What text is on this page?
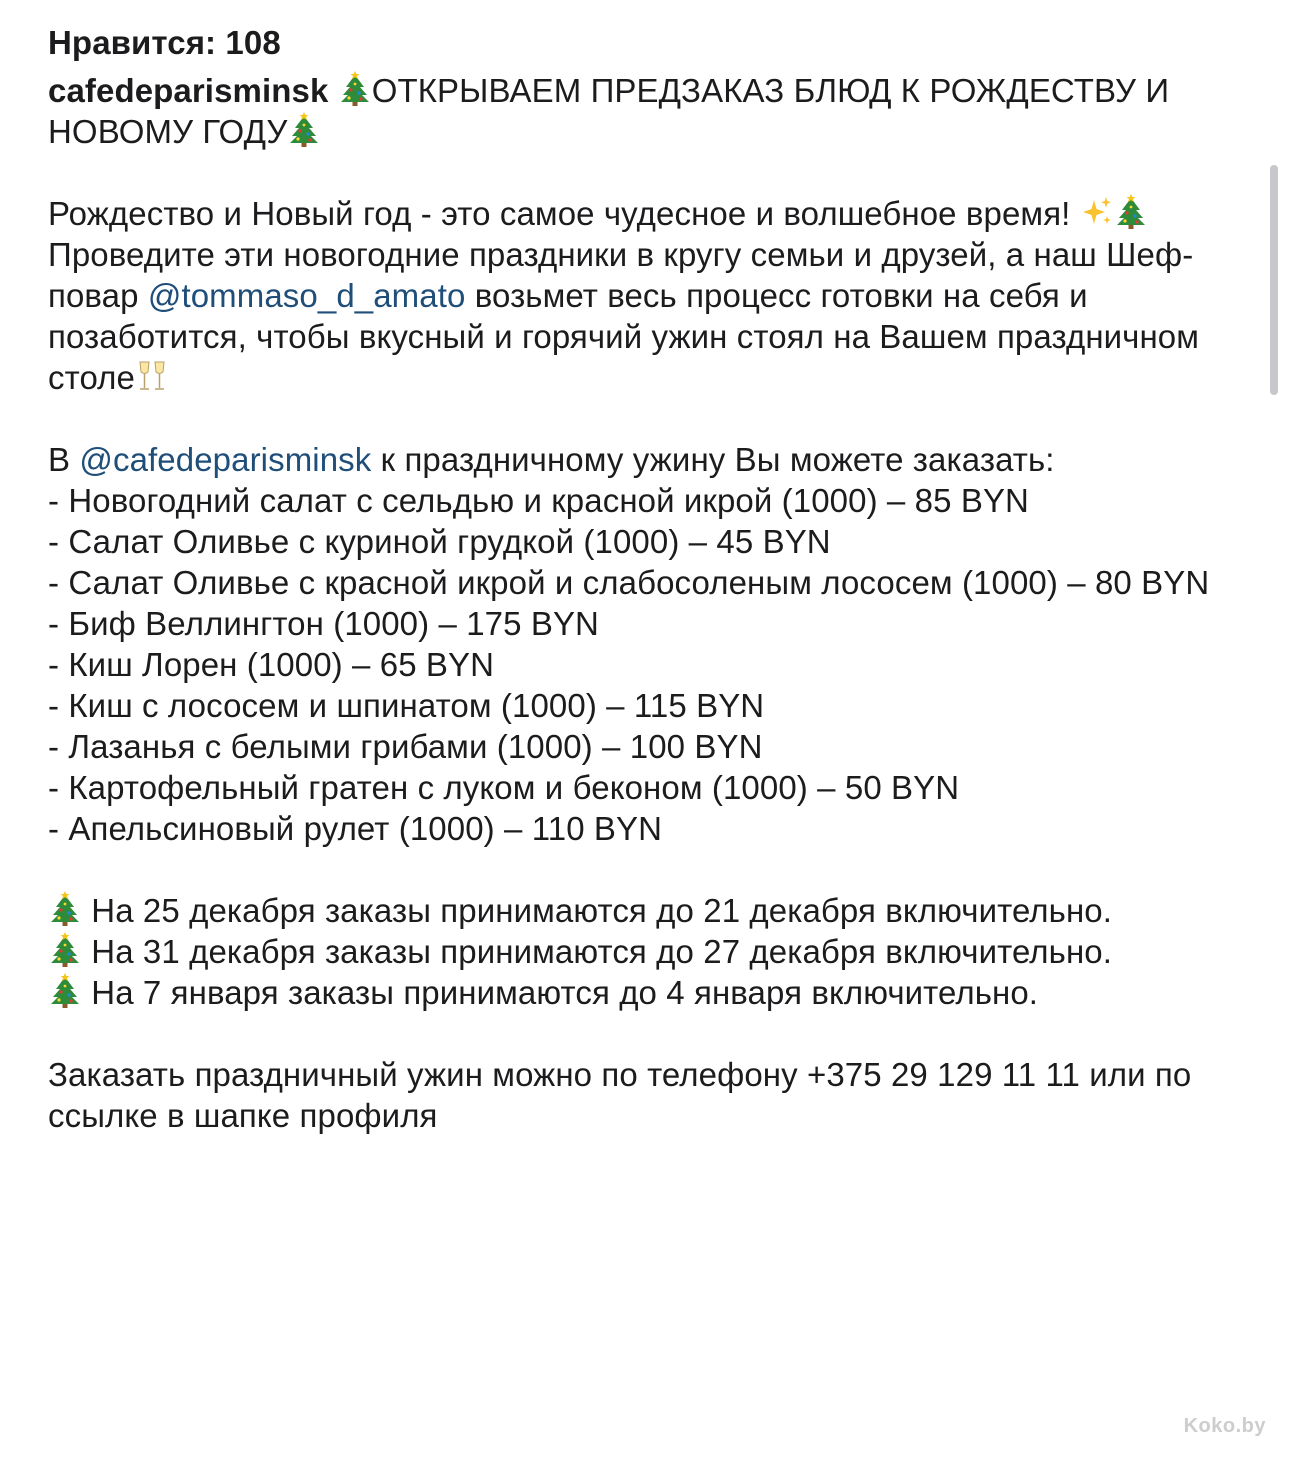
Нравится: 108
cafedeparisminsk ОТКРЫВАЕМ ПРЕДЗАКАЗ БЛЮД К РОЖДЕСТВУ И НОВОМУ ГОДУ
Рождество и Новый год - это самое чудесное и волшебное время!
Проведите эти новогодние праздники в кругу семьи и друзей, а наш Шеф-повар @tommaso_d_amato возьмет весь процесс готовки на себя и позаботится, чтобы вкусный и горячий ужин стоял на Вашем праздничном столе
В @cafedeparisminsk к праздничному ужину Вы можете заказать:
- Новогодний салат с сельдью и красной икрой (1000) – 85 BYN
- Салат Оливье с куриной грудкой (1000) – 45 BYN
- Салат Оливье с красной икрой и слабосоленым лососем (1000) – 80 BYN
- Биф Веллингтон (1000) – 175 BYN
- Киш Лорен (1000) – 65 BYN
- Киш с лососем и шпинатом (1000) – 115 BYN
- Лазанья с белыми грибами (1000) – 100 BYN
- Картофельный гратен с луком и беконом (1000) – 50 BYN
- Апельсиновый рулет (1000) – 110 BYN
На 25 декабря заказы принимаются до 21 декабря включительно.
На 31 декабря заказы принимаются до 27 декабря включительно.
На 7 января заказы принимаются до 4 января включительно.
Заказать праздничный ужин можно по телефону +375 29 129 11 11 или по ссылке в шапке профиля
Koko.by
